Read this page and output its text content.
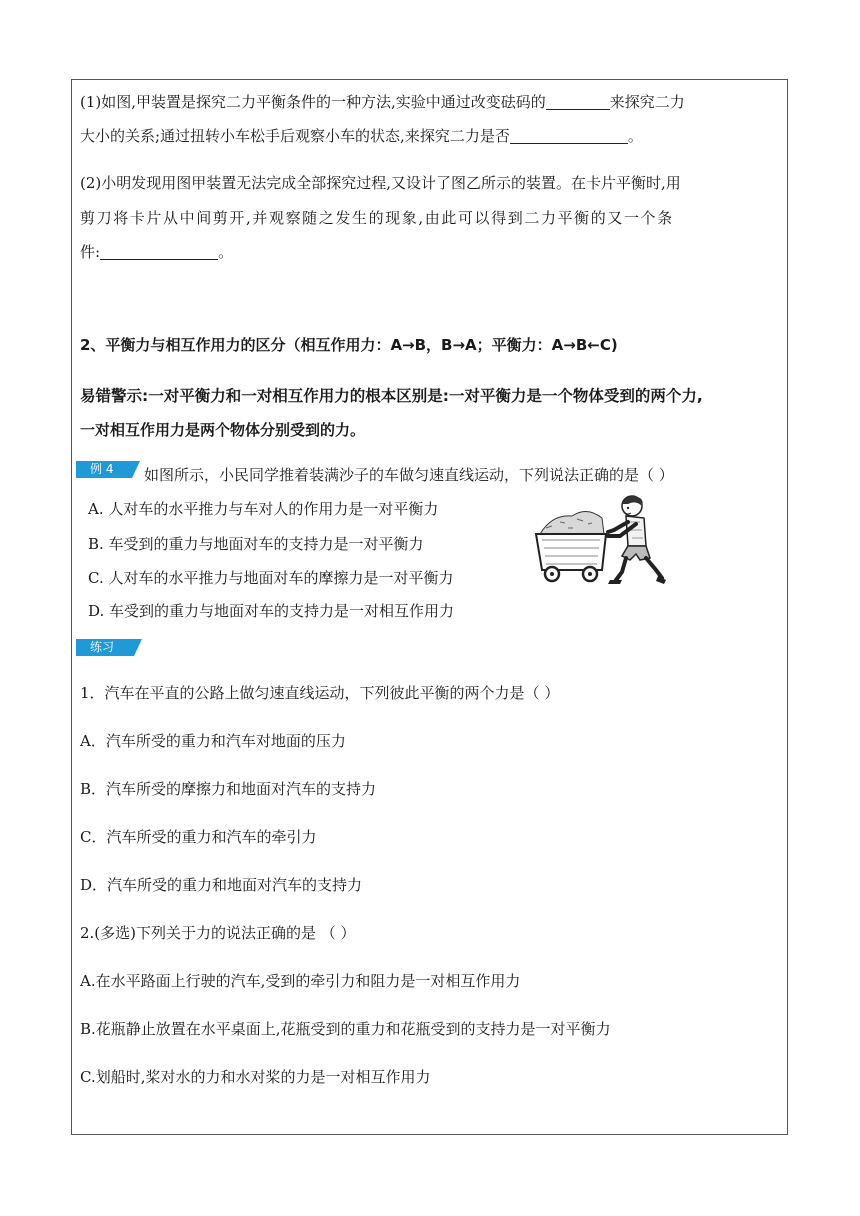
(1)如图,甲装置是探究二力平衡条件的一种方法,实验中通过改变砝码的	来探究二力
大小的关系;通过扭转小车松手后观察小车的状态,来探究二力是否	。
(2)小明发现用图甲装置无法完成全部探究过程,又设计了图乙所示的装置。在卡片平衡时,用
剪刀将卡片从中间剪开,并观察随之发生的现象,由此可以得到二力平衡的又一个条
件:	。
2、平衡力与相互作用力的区分（相互作用力：A→B，B→A；平衡力：A→B←C)
易错警示:一对平衡力和一对相互作用力的根本区别是:一对平衡力是一个物体受到的两个力,
一对相互作用力是两个物体分别受到的力。
例 4	如图所示，小民同学推着装满沙子的车做匀速直线运动，下列说法正确的是（ ）
A. 人对车的水平推力与车对人的作用力是一对平衡力
B. 车受到的重力与地面对车的支持力是一对平衡力
C. 人对车的水平推力与地面对车的摩擦力是一对平衡力
D. 车受到的重力与地面对车的支持力是一对相互作用力
练习
1．汽车在平直的公路上做匀速直线运动，下列彼此平衡的两个力是（ ）
A．汽车所受的重力和汽车对地面的压力
B．汽车所受的摩擦力和地面对汽车的支持力
C．汽车所受的重力和汽车的牵引力
D．汽车所受的重力和地面对汽车的支持力
2.(多选)下列关于力的说法正确的是 （ ）
A.在水平路面上行驶的汽车,受到的牵引力和阻力是一对相互作用力
B.花瓶静止放置在水平桌面上,花瓶受到的重力和花瓶受到的支持力是一对平衡力
C.划船时,桨对水的力和水对桨的力是一对相互作用力
